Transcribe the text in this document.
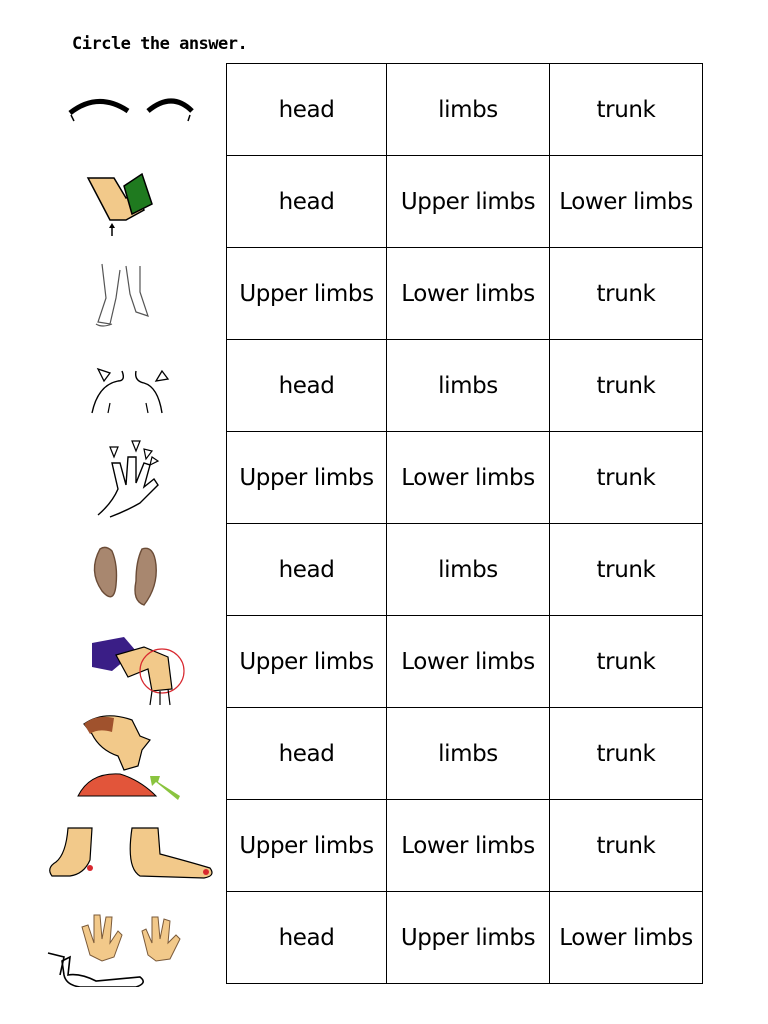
Circle the answer.
head	limbs	trunk
head	Upper limbs	Lower limbs
Upper limbs	Lower limbs	trunk
head	limbs	trunk
Upper limbs	Lower limbs	trunk
head	limbs	trunk
Upper limbs	Lower limbs	trunk
head	limbs	trunk
Upper limbs	Lower limbs	trunk
head	Upper limbs	Lower limbs
